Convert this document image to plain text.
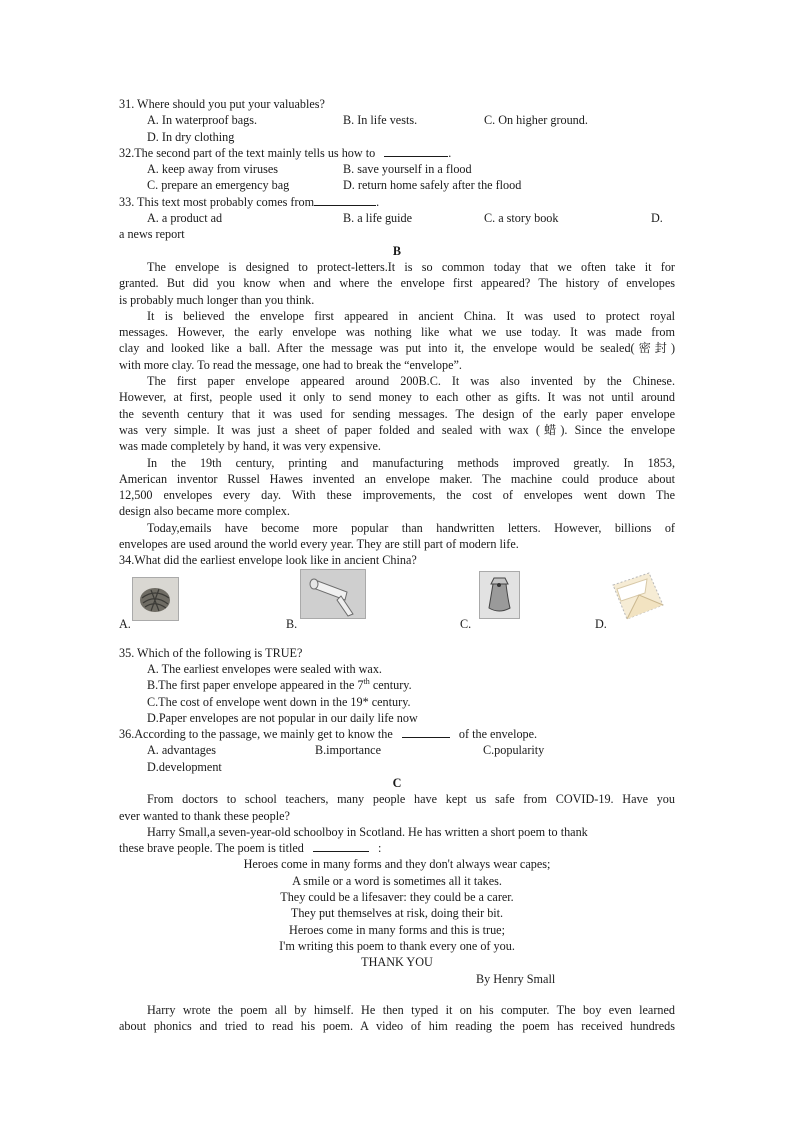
31. Where should you put your valuables?
A. In waterproof bags.	B. In life vests.	C. On higher ground.
D. In dry clothing
32.The second part of the text mainly tells us how to	.
A. keep away from viruses	B. save yourself in a flood
C. prepare an emergency bag	D. return home safely after the flood
33. This text most probably comes from	.
A. a product ad	B. a life guide	C. a story book	D.
a news report
B
The envelope is designed to protect-letters.It is so common today that we often take it for
granted. But did you know when and where the envelope first appeared? The history of envelopes
is probably much longer than you think.
It is believed the envelope first appeared in ancient China. It was used to protect royal
messages. However, the early envelope was nothing like what we use today. It was made from
clay and looked like a ball. After the message was put into it, the envelope would be sealed(密封)
with more clay. To read the message, one had to break the “envelope”.
The first paper envelope appeared around 200B.C. It was also invented by the Chinese.
However, at first, people used it only to send money to each other as gifts. It was not until around
the seventh century that it was used for sending messages. The design of the early paper envelope
was very simple. It was just a sheet of paper folded and sealed with wax (蜡). Since the envelope
was made completely by hand, it was very expensive.
In the 19th century, printing and manufacturing methods improved greatly. In 1853,
American inventor Russel Hawes invented an envelope maker. The machine could produce about
12,500 envelopes every day. With these improvements, the cost of envelopes went down The
design also became more complex.
Today,emails have become more popular than handwritten letters. However, billions of
envelopes are used around the world every year. They are still part of modern life.
34.What did the earliest envelope look like in ancient China?
A.	B.	C.	D.
35. Which of the following is TRUE?
A. The earliest envelopes were sealed with wax.
B.The first paper envelope appeared in the 7th century.
C.The cost of envelope went down in the 19* century.
D.Paper envelopes are not popular in our daily life now
36.According to the passage, we mainly get to know the	of the envelope.
A. advantages	B.importance	C.popularity
D.development
C
From doctors to school teachers, many people have kept us safe from COVID-19. Have you
ever wanted to thank these people?
Harry Small,a seven-year-old schoolboy in Scotland. He has written a short poem to thank
these brave people. The poem is titled	:
Heroes come in many forms and they don't always wear capes;
A smile or a word is sometimes all it takes.
They could be a lifesaver: they could be a carer.
They put themselves at risk, doing their bit.
Heroes come in many forms and this is true;
I'm writing this poem to thank every one of you.
THANK YOU
By Henry Small
Harry wrote the poem all by himself. He then typed it on his computer. The boy even learned
about phonics and tried to read his poem. A video of him reading the poem has received hundreds
